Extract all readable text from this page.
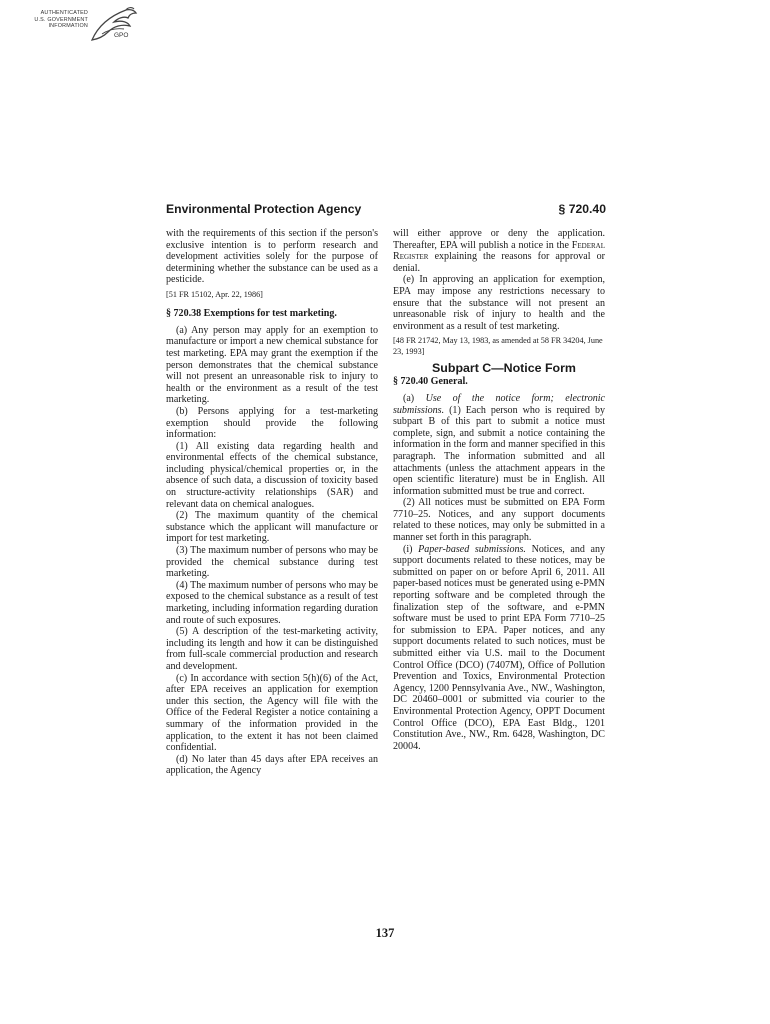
AUTHENTICATED
U.S. GOVERNMENT
INFORMATION
GPO
Environmental Protection Agency	§ 720.40

with the requirements of this section if the person's exclusive intention is to perform research and development activities solely for the purpose of determining whether the substance can be used as a pesticide.

[51 FR 15102, Apr. 22, 1986]

§ 720.38 Exemptions for test marketing.

(a) Any person may apply for an exemption to manufacture or import a new chemical substance for test marketing. EPA may grant the exemption if the person demonstrates that the chemical substance will not present an unreasonable risk to injury to health or the environment as a result of the test marketing.

(b) Persons applying for a test-marketing exemption should provide the following information:

(1) All existing data regarding health and environmental effects of the chemical substance, including physical/chemical properties or, in the absence of such data, a discussion of toxicity based on structure-activity relationships (SAR) and relevant data on chemical analogues.

(2) The maximum quantity of the chemical substance which the applicant will manufacture or import for test marketing.

(3) The maximum number of persons who may be provided the chemical substance during test marketing.

(4) The maximum number of persons who may be exposed to the chemical substance as a result of test marketing, including information regarding duration and route of such exposures.

(5) A description of the test-marketing activity, including its length and how it can be distinguished from full-scale commercial production and research and development.

(c) In accordance with section 5(h)(6) of the Act, after EPA receives an application for exemption under this section, the Agency will file with the Office of the Federal Register a notice containing a summary of the information provided in the application, to the extent it has not been claimed confidential.

(d) No later than 45 days after EPA receives an application, the Agency

will either approve or deny the application. Thereafter, EPA will publish a notice in the Federal Register explaining the reasons for approval or denial.

(e) In approving an application for exemption, EPA may impose any restrictions necessary to ensure that the substance will not present an unreasonable risk of injury to health and the environment as a result of test marketing.

[48 FR 21742, May 13, 1983, as amended at 58 FR 34204, June 23, 1993]

Subpart C—Notice Form

§ 720.40 General.

(a) Use of the notice form; electronic submissions. (1) Each person who is required by subpart B of this part to submit a notice must complete, sign, and submit a notice containing the information in the form and manner specified in this paragraph. The information submitted and all attachments (unless the attachment appears in the open scientific literature) must be in English. All information submitted must be true and correct.

(2) All notices must be submitted on EPA Form 7710–25. Notices, and any support documents related to these notices, may only be submitted in a manner set forth in this paragraph.

(i) Paper-based submissions. Notices, and any support documents related to these notices, may be submitted on paper on or before April 6, 2011. All paper-based notices must be generated using e-PMN reporting software and be completed through the finalization step of the software, and e-PMN software must be used to print EPA Form 7710–25 for submission to EPA. Paper notices, and any support documents related to such notices, must be submitted either via U.S. mail to the Document Control Office (DCO) (7407M), Office of Pollution Prevention and Toxics, Environmental Protection Agency, 1200 Pennsylvania Ave., NW., Washington, DC 20460–0001 or submitted via courier to the Environmental Protection Agency, OPPT Document Control Office (DCO), EPA East Bldg., 1201 Constitution Ave., NW., Rm. 6428, Washington, DC 20004.

137
